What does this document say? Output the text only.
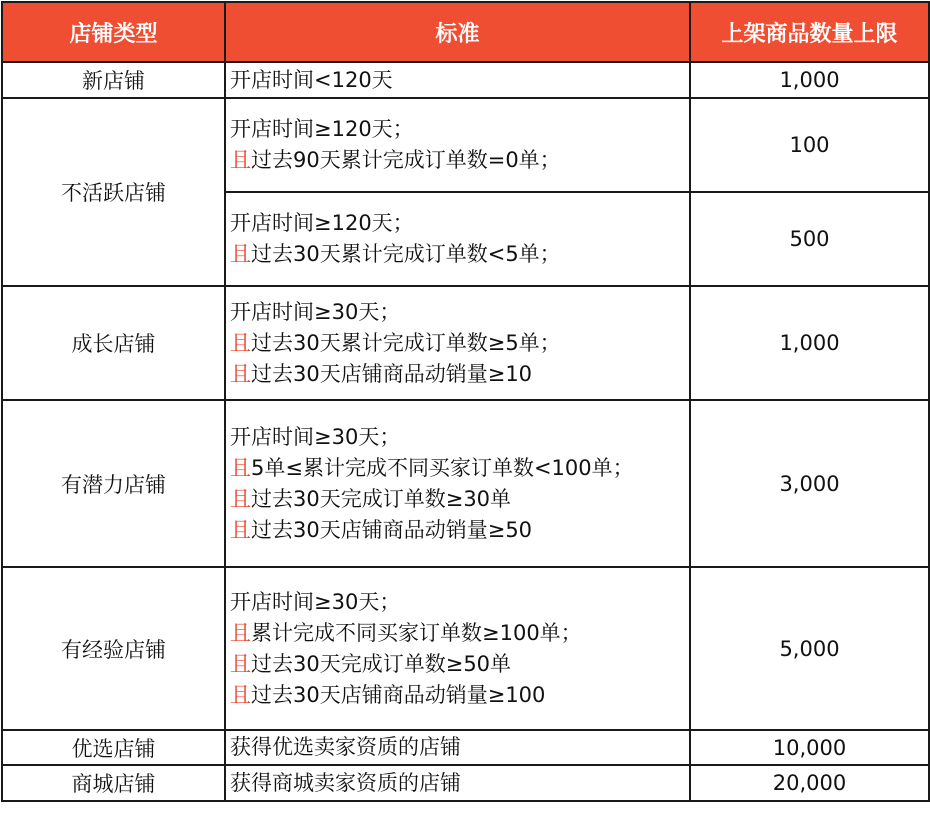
店铺类型	标准	上架商品数量上限
新店铺	开店时间<120天	1,000
不活跃店铺	开店时间≥120天；
且过去90天累计完成订单数=0单；	100

	开店时间≥120天；
且过去30天累计完成订单数<5单；	500
成长店铺	开店时间≥30天；
且过去30天累计完成订单数≥5单；
且过去30天店铺商品动销量≥10	1,000
有潜力店铺	开店时间≥30天；
且5单≤累计完成不同买家订单数<100单；
且过去30天完成订单数≥30单
且过去30天店铺商品动销量≥50	3,000
有经验店铺	开店时间≥30天；
且累计完成不同买家订单数≥100单；
且过去30天完成订单数≥50单
且过去30天店铺商品动销量≥100	5,000
优选店铺	获得优选卖家资质的店铺	10,000
商城店铺	获得商城卖家资质的店铺	20,000
